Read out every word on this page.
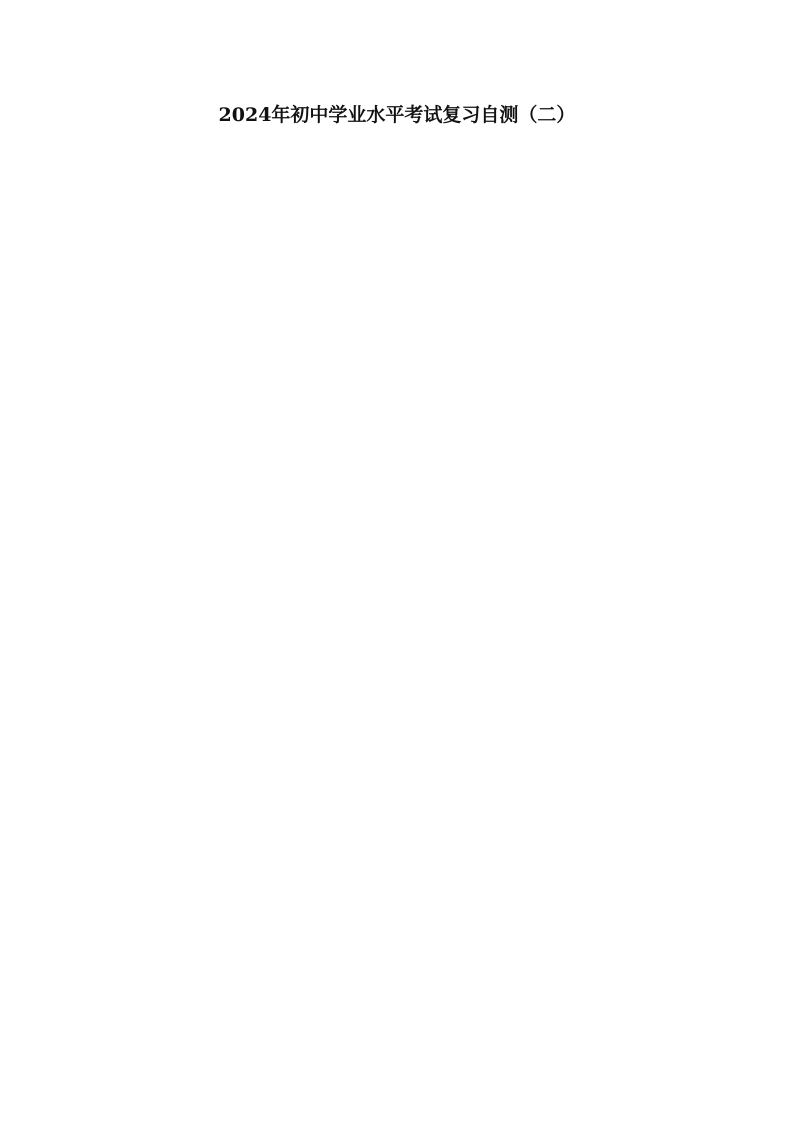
2024年初中学业水平考试复习自测（二）
